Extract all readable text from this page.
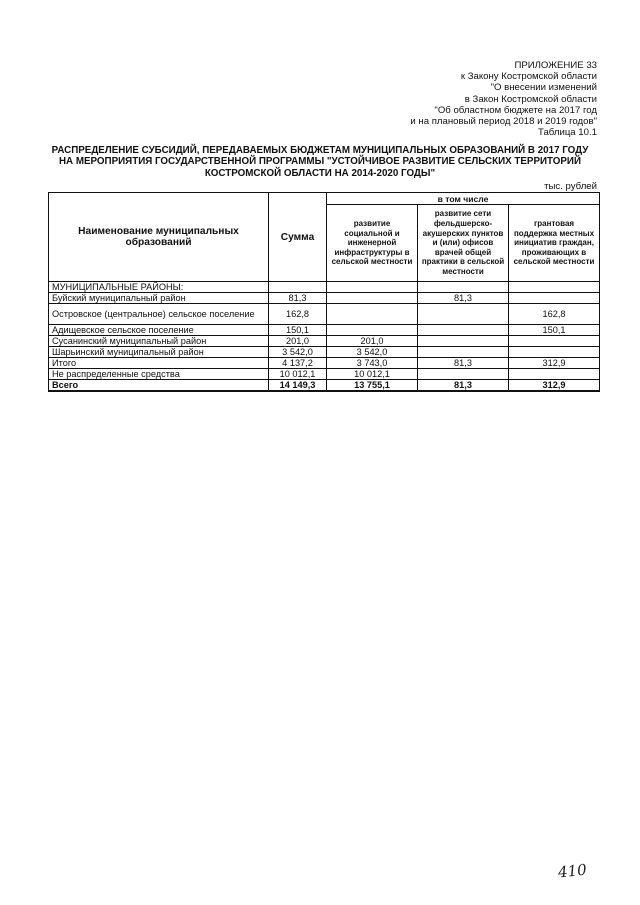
ПРИЛОЖЕНИЕ 33
к Закону Костромской области
"О внесении изменений
в Закон Костромской области
"Об областном бюджете на 2017 год
и на плановый период 2018 и 2019 годов"
Таблица 10.1
РАСПРЕДЕЛЕНИЕ СУБСИДИЙ, ПЕРЕДАВАЕМЫХ БЮДЖЕТАМ МУНИЦИПАЛЬНЫХ ОБРАЗОВАНИЙ В 2017 ГОДУ
НА МЕРОПРИЯТИЯ ГОСУДАРСТВЕННОЙ ПРОГРАММЫ "УСТОЙЧИВОЕ РАЗВИТИЕ СЕЛЬСКИХ ТЕРРИТОРИЙ
КОСТРОМСКОЙ ОБЛАСТИ НА 2014-2020 ГОДЫ"
тыс. рублей
Наименование муниципальных образований	Сумма	в том числе		
		развитие социальной и инженерной инфраструктуры в сельской местности	развитие сети фельдшерско-акушерских пунктов и (или) офисов врачей общей практики в сельской местности	грантовая поддержка местных инициатив граждан, проживающих в сельской местности
МУНИЦИПАЛЬНЫЕ РАЙОНЫ:				
Буйский муниципальный район	81,3		81,3	
Островское (центральное) сельское поселение	162,8			162,8
Адищевское сельское поселение	150,1			150,1
Сусанинский муниципальный район	201,0	201,0		
Шарьинский муниципальный район	3 542,0	3 542,0		
Итого	4 137,2	3 743,0	81,3	312,9
Не распределенные средства	10 012,1	10 012,1		
Всего	14 149,3	13 755,1	81,3	312,9
410
